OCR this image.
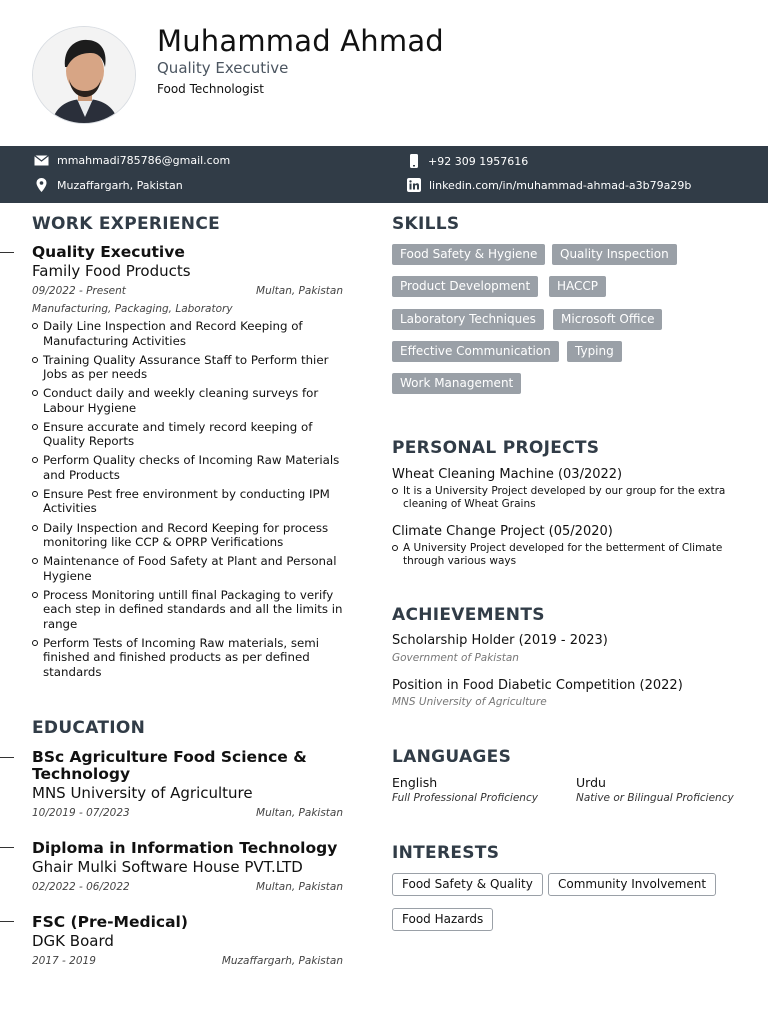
Muhammad Ahmad
Quality Executive
Food Technologist
mmahmadi785786@gmail.com	+92 309 1957616
Muzaffargarh, Pakistan	linkedin.com/in/muhammad-ahmad-a3b79a29b
WORK EXPERIENCE
Quality Executive
Family Food Products
09/2022 - Present	Multan, Pakistan
Manufacturing, Packaging, Laboratory
Daily Line Inspection and Record Keeping of Manufacturing Activities
Training Quality Assurance Staff to Perform thier Jobs as per needs
Conduct daily and weekly cleaning surveys for Labour Hygiene
Ensure accurate and timely record keeping of Quality Reports
Perform Quality checks of Incoming Raw Materials and Products
Ensure Pest free environment by conducting IPM Activities
Daily Inspection and Record Keeping for process monitoring like CCP & OPRP Verifications
Maintenance of Food Safety at Plant and Personal Hygiene
Process Monitoring untill final Packaging to verify each step in defined standards and all the limits in range
Perform Tests of Incoming Raw materials, semi finished and finished products as per defined standards
EDUCATION
BSc Agriculture Food Science & Technology
MNS University of Agriculture
10/2019 - 07/2023	Multan, Pakistan
Diploma in Information Technology
Ghair Mulki Software House PVT.LTD
02/2022 - 06/2022	Multan, Pakistan
FSC (Pre-Medical)
DGK Board
2017 - 2019	Muzaffargarh, Pakistan
SKILLS
Food Safety & Hygiene	Quality Inspection
Product Development	HACCP
Laboratory Techniques	Microsoft Office
Effective Communication	Typing
Work Management
PERSONAL PROJECTS
Wheat Cleaning Machine (03/2022)
It is a University Project developed by our group for the extra cleaning of Wheat Grains
Climate Change Project (05/2020)
A University Project developed for the betterment of Climate through various ways
ACHIEVEMENTS
Scholarship Holder (2019 - 2023)
Government of Pakistan
Position in Food Diabetic Competition (2022)
MNS University of Agriculture
LANGUAGES
English
Full Professional Proficiency
Urdu
Native or Bilingual Proficiency
INTERESTS
Food Safety & Quality	Community Involvement
Food Hazards
